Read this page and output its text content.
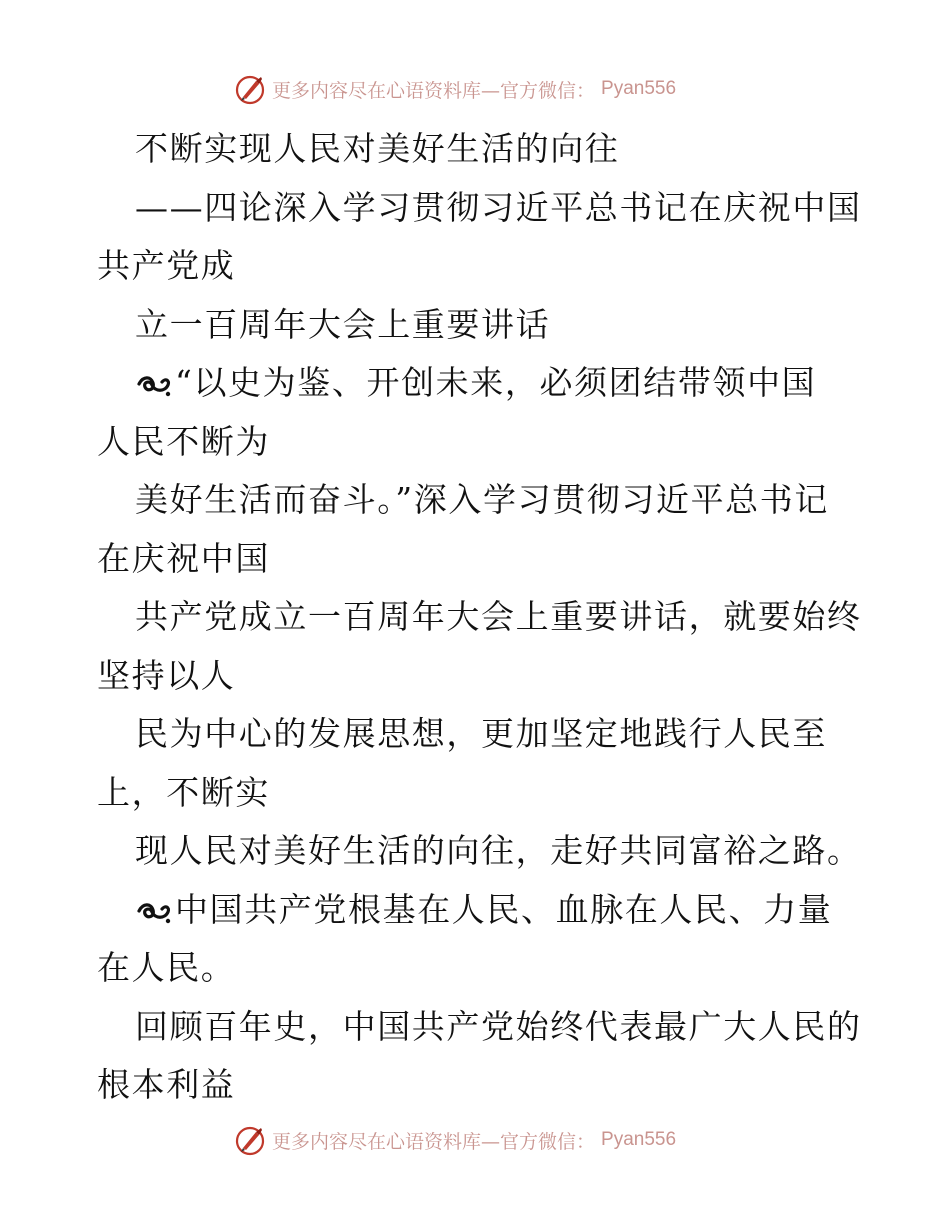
更多内容尽在心语资料库—官方微信： Pyan556
不断实现人民对美好生活的向往
——四论深入学习贯彻习近平总书记在庆祝中国
共产党成
立一百周年大会上重要讲话
“以史为鉴、开创未来，必须团结带领中国
人民不断为
美好生活而奋斗。”深入学习贯彻习近平总书记
在庆祝中国
共产党成立一百周年大会上重要讲话，就要始终
坚持以人
民为中心的发展思想，更加坚定地践行人民至
上，不断实
现人民对美好生活的向往，走好共同富裕之路。
中国共产党根基在人民、血脉在人民、力量
在人民。
回顾百年史，中国共产党始终代表最广大人民的
根本利益
更多内容尽在心语资料库—官方微信： Pyan556
